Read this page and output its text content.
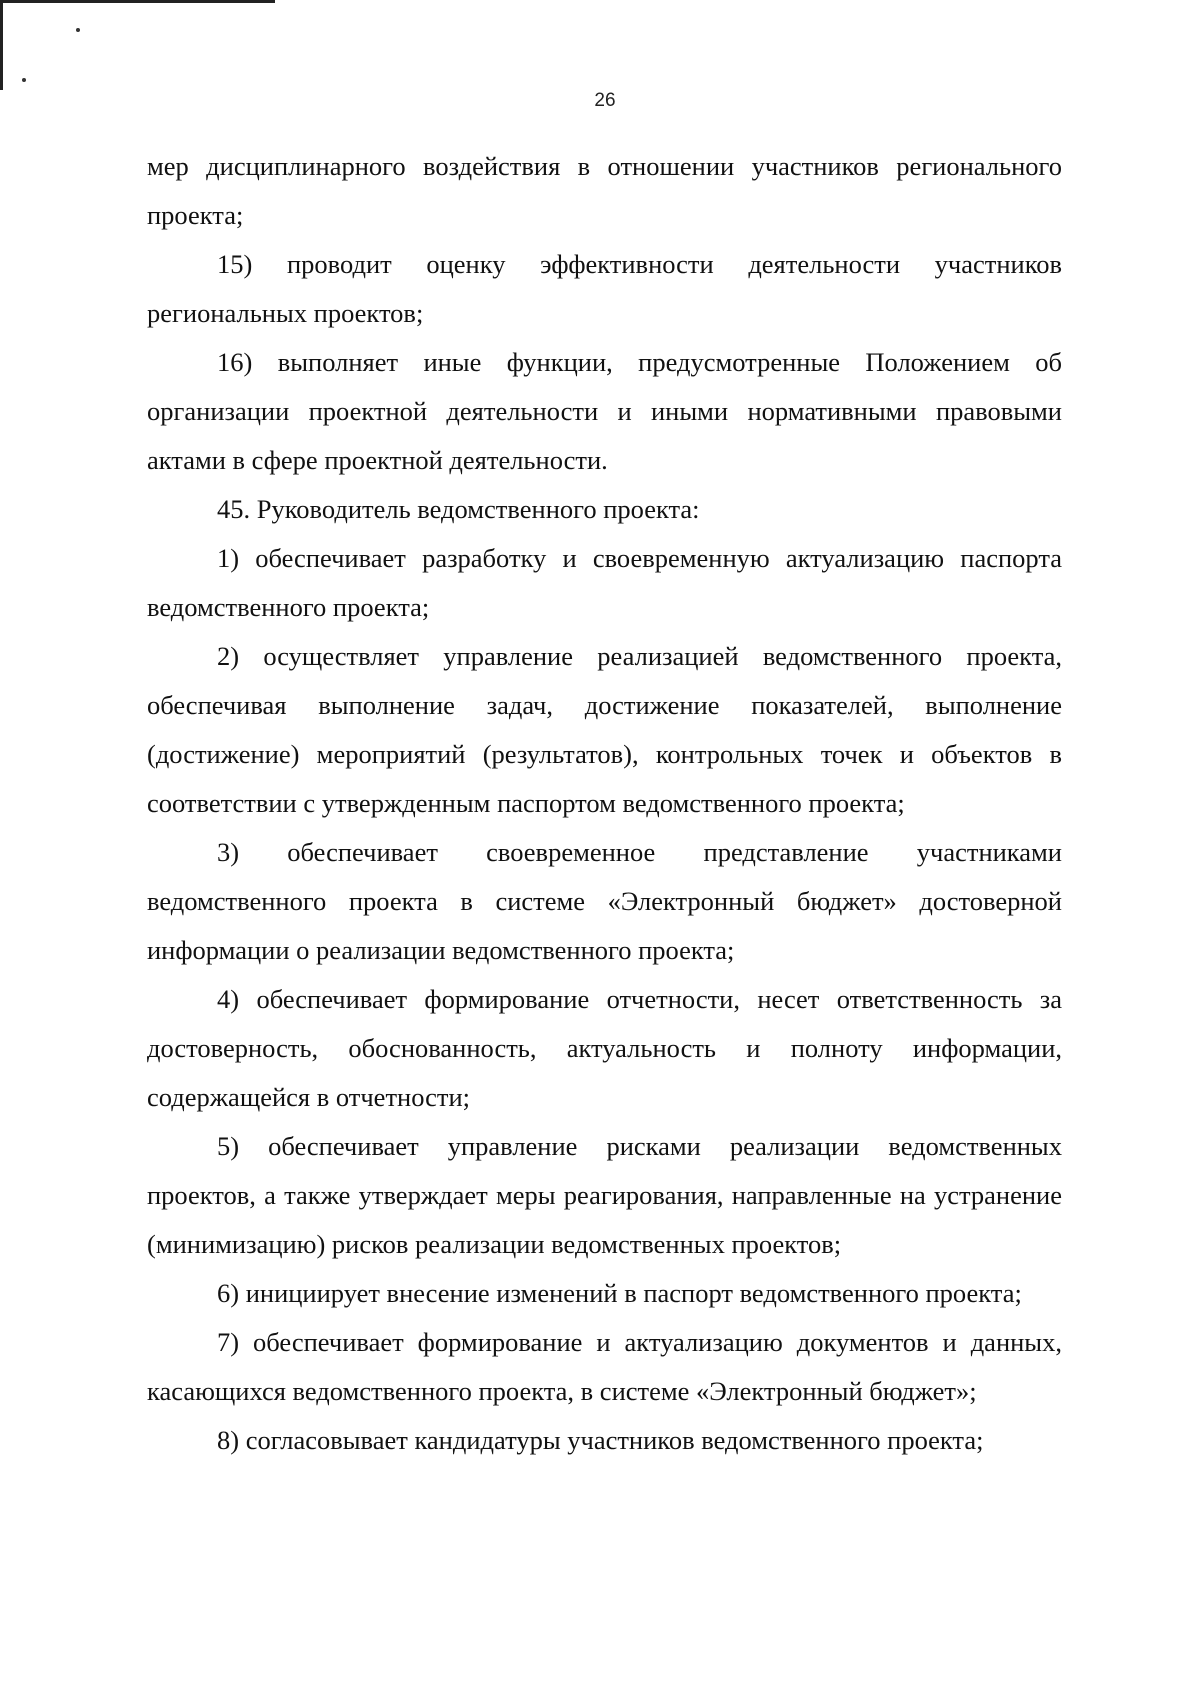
26

мер дисциплинарного воздействия в отношении участников регионального проекта;

15) проводит оценку эффективности деятельности участников региональных проектов;

16) выполняет иные функции, предусмотренные Положением об организации проектной деятельности и иными нормативными правовыми актами в сфере проектной деятельности.

45. Руководитель ведомственного проекта:

1) обеспечивает разработку и своевременную актуализацию паспорта ведомственного проекта;

2) осуществляет управление реализацией ведомственного проекта, обеспечивая выполнение задач, достижение показателей, выполнение (достижение) мероприятий (результатов), контрольных точек и объектов в соответствии с утвержденным паспортом ведомственного проекта;

3) обеспечивает своевременное представление участниками ведомственного проекта в системе «Электронный бюджет» достоверной информации о реализации ведомственного проекта;

4) обеспечивает формирование отчетности, несет ответственность за достоверность, обоснованность, актуальность и полноту информации, содержащейся в отчетности;

5) обеспечивает управление рисками реализации ведомственных проектов, а также утверждает меры реагирования, направленные на устранение (минимизацию) рисков реализации ведомственных проектов;

6) инициирует внесение изменений в паспорт ведомственного проекта;

7) обеспечивает формирование и актуализацию документов и данных, касающихся ведомственного проекта, в системе «Электронный бюджет»;

8) согласовывает кандидатуры участников ведомственного проекта;
